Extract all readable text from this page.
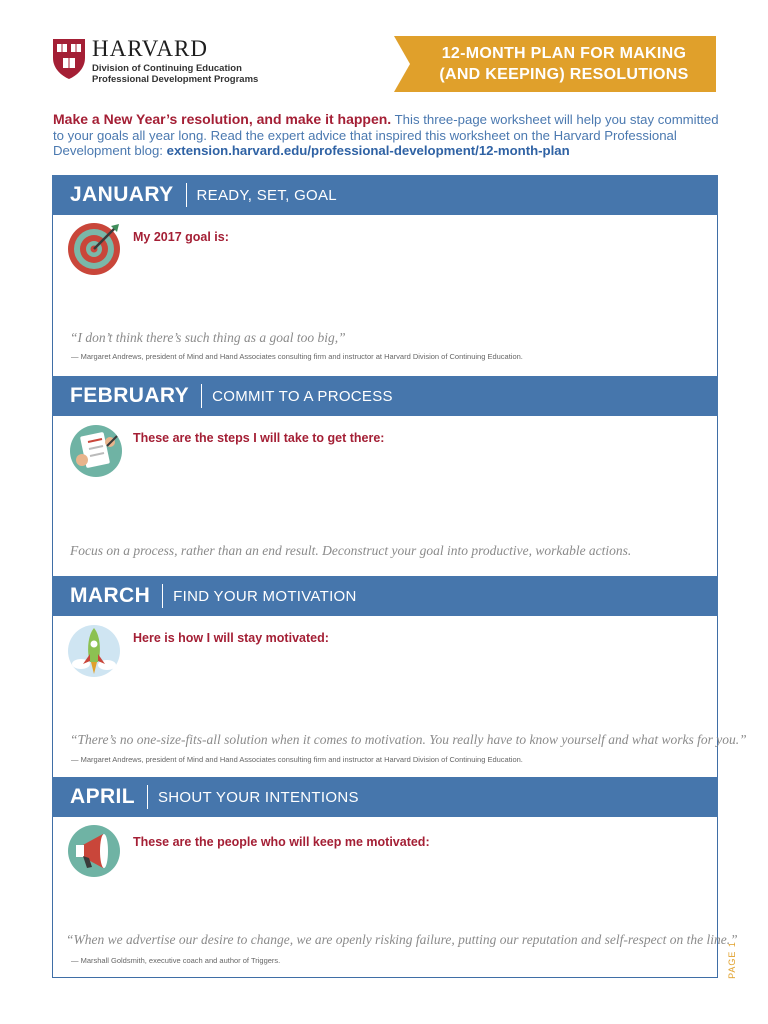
HARVARD
Division of Continuing Education
Professional Development Programs
12-MONTH PLAN FOR MAKING
(AND KEEPING) RESOLUTIONS

Make a New Year’s resolution, and make it happen. This three-page worksheet will help you stay committed to your goals all year long. Read the expert advice that inspired this worksheet on the Harvard Professional Development blog: extension.harvard.edu/professional-development/12-month-plan

JANUARY READY, SET, GOAL
My 2017 goal is:
“I don’t think there’s such thing as a goal too big,”
— Margaret Andrews, president of Mind and Hand Associates consulting firm and instructor at Harvard Division of Continuing Education.
FEBRUARY COMMIT TO A PROCESS
These are the steps I will take to get there:
Focus on a process, rather than an end result. Deconstruct your goal into productive, workable actions.
MARCH FIND YOUR MOTIVATION
Here is how I will stay motivated:
“There’s no one-size-fits-all solution when it comes to motivation. You really have to know yourself and what works for you.”
— Margaret Andrews, president of Mind and Hand Associates consulting firm and instructor at Harvard Division of Continuing Education.
APRIL SHOUT YOUR INTENTIONS
These are the people who will keep me motivated:
“When we advertise our desire to change, we are openly risking failure, putting our reputation and self-respect on the line.”
— Marshall Goldsmith, executive coach and author of Triggers.	PAGE 1
